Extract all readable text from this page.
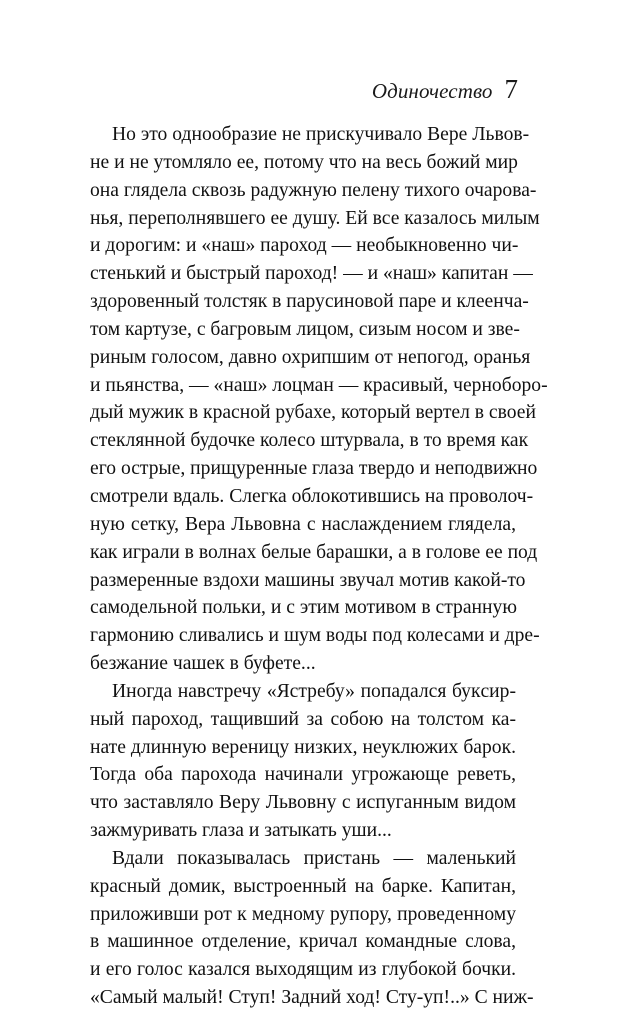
Одиночество 7

Но это однообразие не прискучивало Вере Львов-
не и не утомляло ее, потому что на весь божий мир
она глядела сквозь радужную пелену тихого очарова-
нья, переполнявшего ее душу. Ей все казалось милым
и дорогим: и «наш» пароход — необыкновенно чи-
стенький и быстрый пароход! — и «наш» капитан —
здоровенный толстяк в парусиновой паре и клеенча-
том картузе, с багровым лицом, сизым носом и зве-
риным голосом, давно охрипшим от непогод, оранья
и пьянства, — «наш» лоцман — красивый, черноборо-
дый мужик в красной рубахе, который вертел в своей
стеклянной будочке колесо штурвала, в то время как
его острые, прищуренные глаза твердо и неподвижно
смотрели вдаль. Слегка облокотившись на проволоч-
ную сетку, Вера Львовна с наслаждением глядела,
как играли в волнах белые барашки, а в голове ее под
размеренные вздохи машины звучал мотив какой-то
самодельной польки, и с этим мотивом в странную
гармонию сливались и шум воды под колесами и дре-
безжание чашек в буфете...

Иногда навстречу «Ястребу» попадался букcир-
ный пароход, тащивший за собою на толстом ка-
нате длинную вереницу низких, неуклюжих барок.
Тогда оба парохода начинали угрожающе реветь,
что заставляло Веру Львовну с испуганным видом
зажмуривать глаза и затыкать уши...

Вдали показывалась пристань — маленький
красный домик, выстроенный на барке. Капитан,
приложивши рот к медному рупору, проведенному
в машинное отделение, кричал командные слова,
и его голос казался выходящим из глубокой бочки.
«Самый малый! Ступ! Задний ход! Сту-уп!..» С ниж-
